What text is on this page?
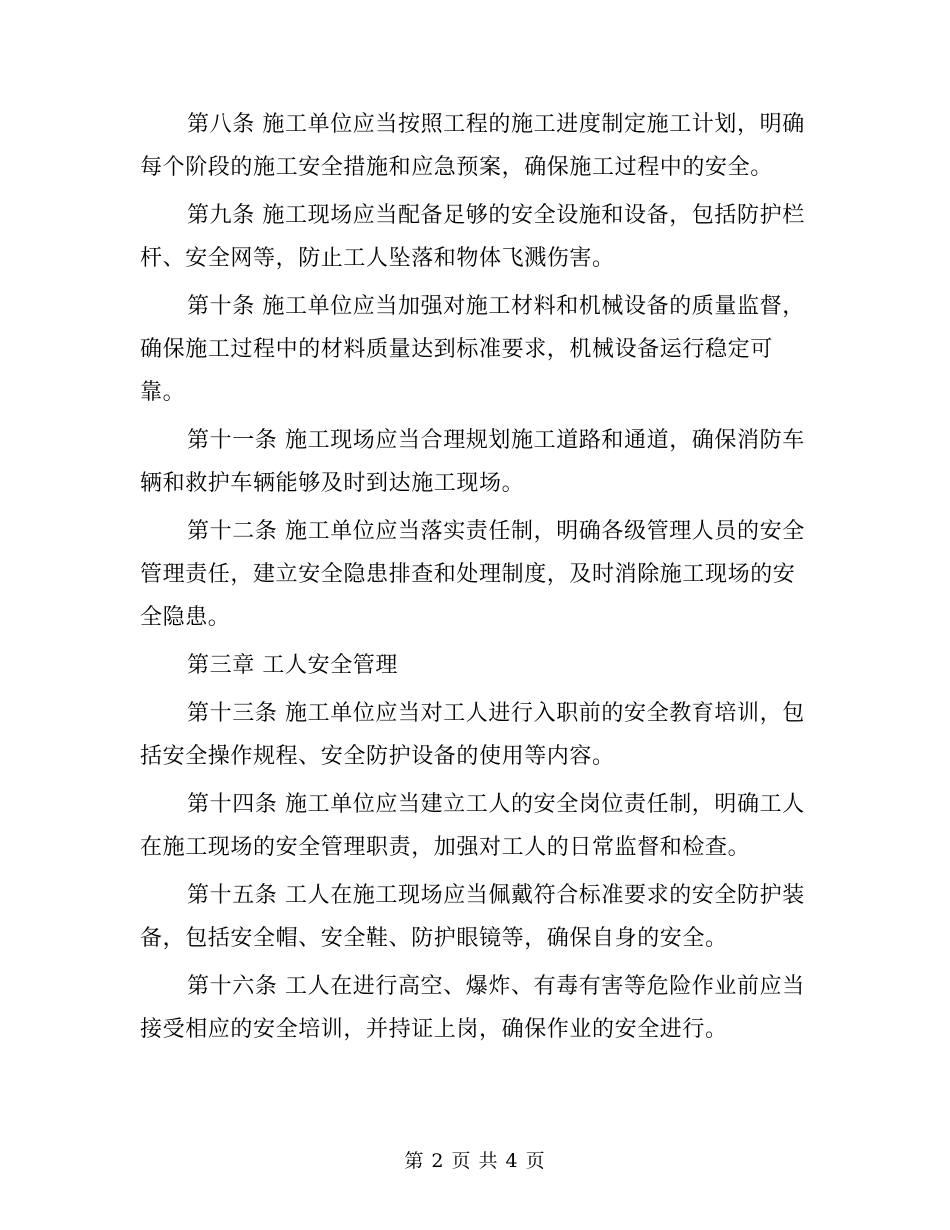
第八条 施工单位应当按照工程的施工进度制定施工计划，明确每个阶段的施工安全措施和应急预案，确保施工过程中的安全。

第九条 施工现场应当配备足够的安全设施和设备，包括防护栏杆、安全网等，防止工人坠落和物体飞溅伤害。

第十条 施工单位应当加强对施工材料和机械设备的质量监督，确保施工过程中的材料质量达到标准要求，机械设备运行稳定可靠。

第十一条 施工现场应当合理规划施工道路和通道，确保消防车辆和救护车辆能够及时到达施工现场。

第十二条 施工单位应当落实责任制，明确各级管理人员的安全管理责任，建立安全隐患排查和处理制度，及时消除施工现场的安全隐患。

第三章 工人安全管理

第十三条 施工单位应当对工人进行入职前的安全教育培训，包括安全操作规程、安全防护设备的使用等内容。

第十四条 施工单位应当建立工人的安全岗位责任制，明确工人在施工现场的安全管理职责，加强对工人的日常监督和检查。

第十五条 工人在施工现场应当佩戴符合标准要求的安全防护装备，包括安全帽、安全鞋、防护眼镜等，确保自身的安全。

第十六条 工人在进行高空、爆炸、有毒有害等危险作业前应当接受相应的安全培训，并持证上岗，确保作业的安全进行。

第 2 页 共 4 页
